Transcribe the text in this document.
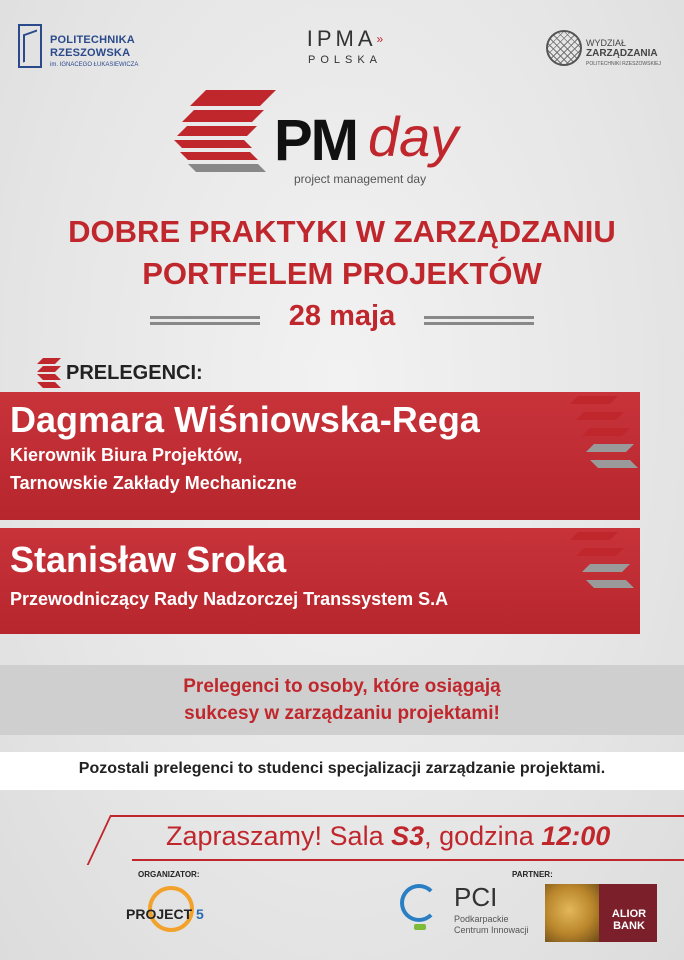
POLITECHNIKA
RZESZOWSKA
im. IGNACEGO ŁUKASIEWICZA
IPMA»
POLSKA
WYDZIAŁ
ZARZĄDZANIA
POLITECHNIKI RZESZOWSKIEJ
PM day
project management day
DOBRE PRAKTYKI W ZARZĄDZANIU
PORTFELEM PROJEKTÓW
28 maja
PRELEGENCI:
Dagmara Wiśniowska-Rega
Kierownik Biura Projektów,
Tarnowskie Zakłady Mechaniczne
Stanisław Sroka
Przewodniczący Rady Nadzorczej Transsystem S.A
Prelegenci to osoby, które osiągają
sukcesy w zarządzaniu projektami!
Pozostali prelegenci to studenci specjalizacji zarządzanie projektami.
Zapraszamy! Sala S3, godzina 12:00
ORGANIZATOR:
PROJECT 5
PARTNER:
PCI
Podkarpackie
Centrum Innowacji
ALIOR
BANK
